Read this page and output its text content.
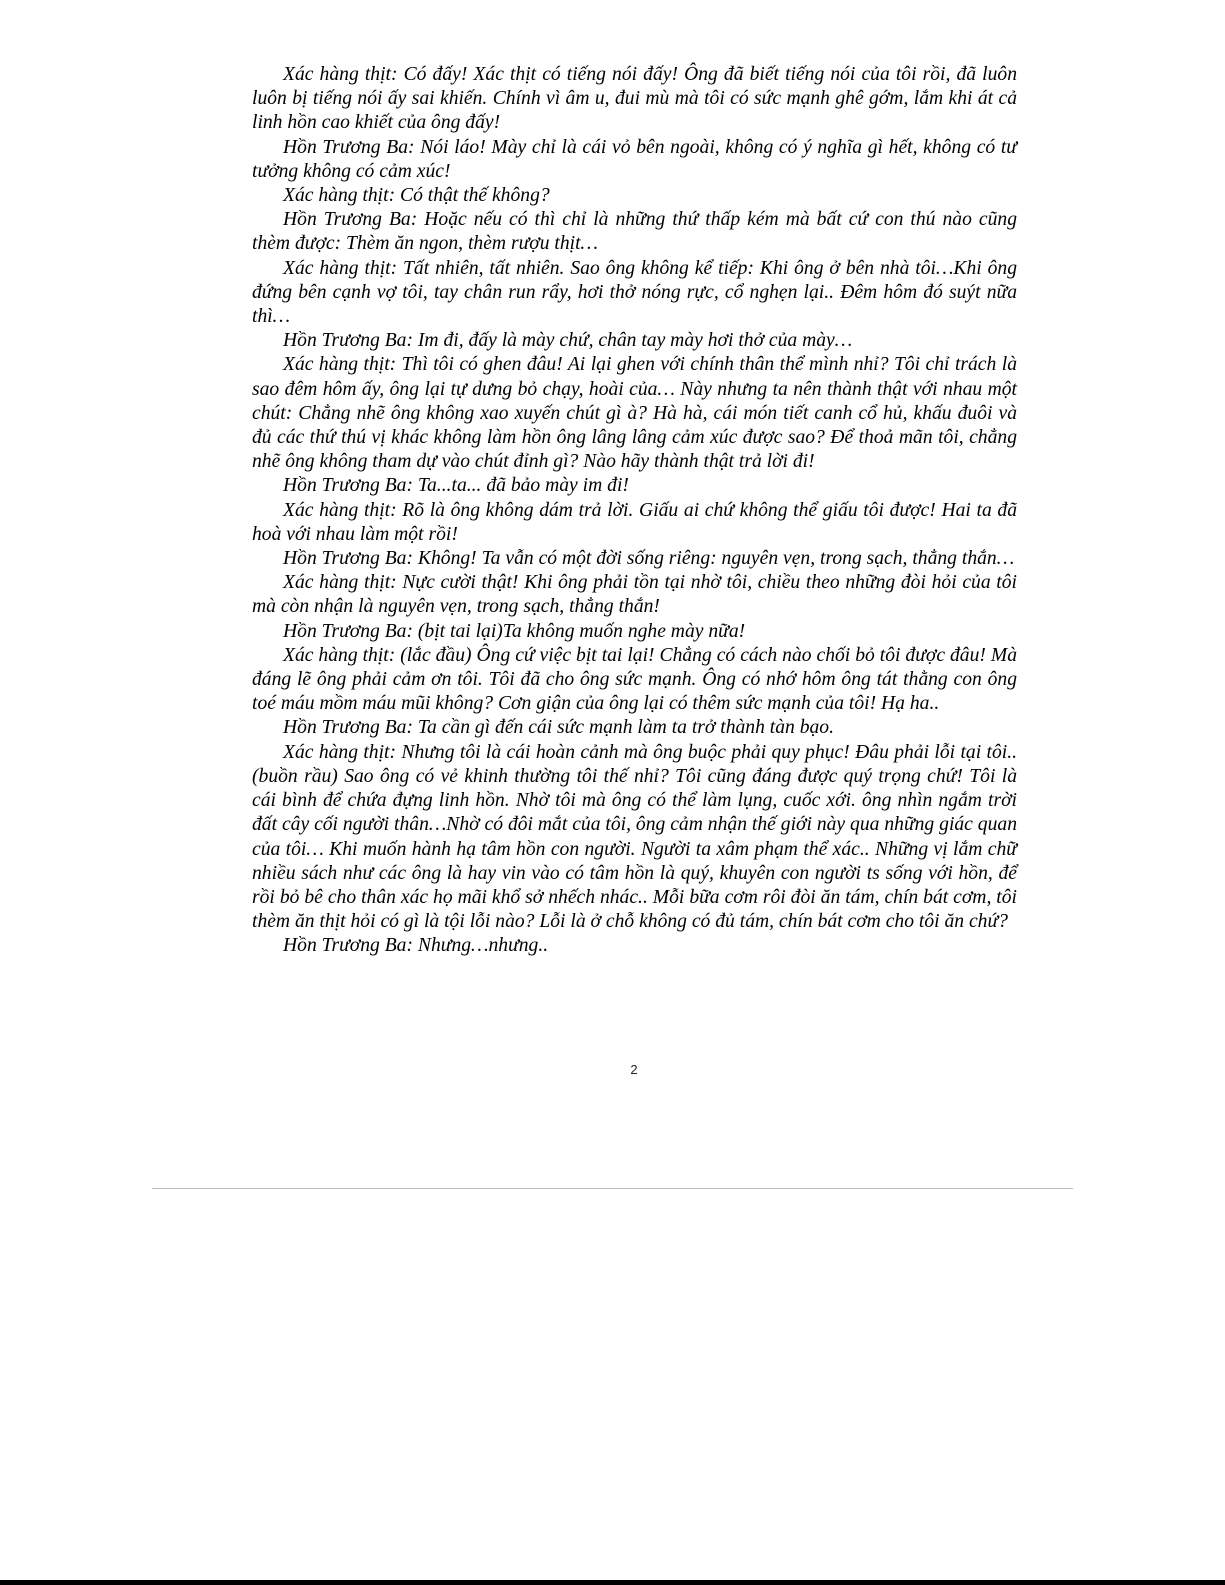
Xác hàng thịt: Có đấy! Xác thịt có tiếng nói đấy! Ông đã biết tiếng nói của tôi rồi, đã luôn luôn bị tiếng nói ấy sai khiến. Chính vì âm u, đui mù mà tôi có sức mạnh ghê gớm, lắm khi át cả linh hồn cao khiết của ông đấy!

Hồn Trương Ba: Nói láo! Mày chỉ là cái vỏ bên ngoài, không có ý nghĩa gì hết, không có tư tưởng không có cảm xúc!

Xác hàng thịt: Có thật thế không?

Hồn Trương Ba: Hoặc nếu có thì chỉ là những thứ thấp kém mà bất cứ con thú nào cũng thèm được: Thèm ăn ngon, thèm rượu thịt…

Xác hàng thịt: Tất nhiên, tất nhiên. Sao ông không kể tiếp: Khi ông ở bên nhà tôi…Khi ông đứng bên cạnh vợ tôi, tay chân run rẩy, hơi thở nóng rực, cổ nghẹn lại.. Đêm hôm đó suýt nữa thì…

Hồn Trương Ba: Im đi, đấy là mày chứ, chân tay mày hơi thở của mày…

Xác hàng thịt: Thì tôi có ghen đâu! Ai lại ghen với chính thân thể mình nhỉ? Tôi chỉ trách là sao đêm hôm ấy, ông lại tự dưng bỏ chạy, hoài của… Này nhưng ta nên thành thật với nhau một chút: Chẳng nhẽ ông không xao xuyến chút gì à? Hà hà, cái món tiết canh cổ hủ, khấu đuôi và đủ các thứ thú vị khác không làm hồn ông lâng lâng cảm xúc được sao? Để thoả mãn tôi, chẳng nhẽ ông không tham dự vào chút đỉnh gì? Nào hãy thành thật trả lời đi!

Hồn Trương Ba: Ta...ta... đã bảo mày im đi!

Xác hàng thịt: Rõ là ông không dám trả lời. Giấu ai chứ không thể giấu tôi được! Hai ta đã hoà với nhau làm một rồi!

Hồn Trương Ba: Không! Ta vẫn có một đời sống riêng: nguyên vẹn, trong sạch, thẳng thắn…

Xác hàng thịt: Nực cười thật! Khi ông phải tồn tại nhờ tôi, chiều theo những đòi hỏi của tôi mà còn nhận là nguyên vẹn, trong sạch, thẳng thắn!

Hồn Trương Ba: (bịt tai lại)Ta không muốn nghe mày nữa!

Xác hàng thịt: (lắc đầu) Ông cứ việc bịt tai lại! Chẳng có cách nào chối bỏ tôi được đâu! Mà đáng lẽ ông phải cảm ơn tôi. Tôi đã cho ông sức mạnh. Ông có nhớ hôm ông tát thằng con ông toé máu mồm máu mũi không? Cơn giận của ông lại có thêm sức mạnh của tôi! Hạ ha..

Hồn Trương Ba: Ta cần gì đến cái sức mạnh làm ta trở thành tàn bạo.

Xác hàng thịt: Nhưng tôi là cái hoàn cảnh mà ông buộc phải quy phục! Đâu phải lỗi tại tôi.. (buồn rầu) Sao ông có vẻ khinh thường tôi thế nhỉ? Tôi cũng đáng được quý trọng chứ! Tôi là cái bình để chứa đựng linh hồn. Nhờ tôi mà ông có thể làm lụng, cuốc xới. ông nhìn ngắm trời đất cây cối người thân…Nhờ có đôi mắt của tôi, ông cảm nhận thế giới này qua những giác quan của tôi… Khi muốn hành hạ tâm hồn con người. Người ta xâm phạm thể xác.. Những vị lắm chữ nhiều sách như các ông là hay vin vào có tâm hồn là quý, khuyên con người ts sống với hồn, để rồi bỏ bê cho thân xác họ mãi khổ sở nhếch nhác.. Mỗi bữa cơm rôi đòi ăn tám, chín bát cơm, tôi thèm ăn thịt hỏi có gì là tội lỗi nào? Lỗi là ở chỗ không có đủ tám, chín bát cơm cho tôi ăn chứ?

Hồn Trương Ba: Nhưng…nhưng..

2
